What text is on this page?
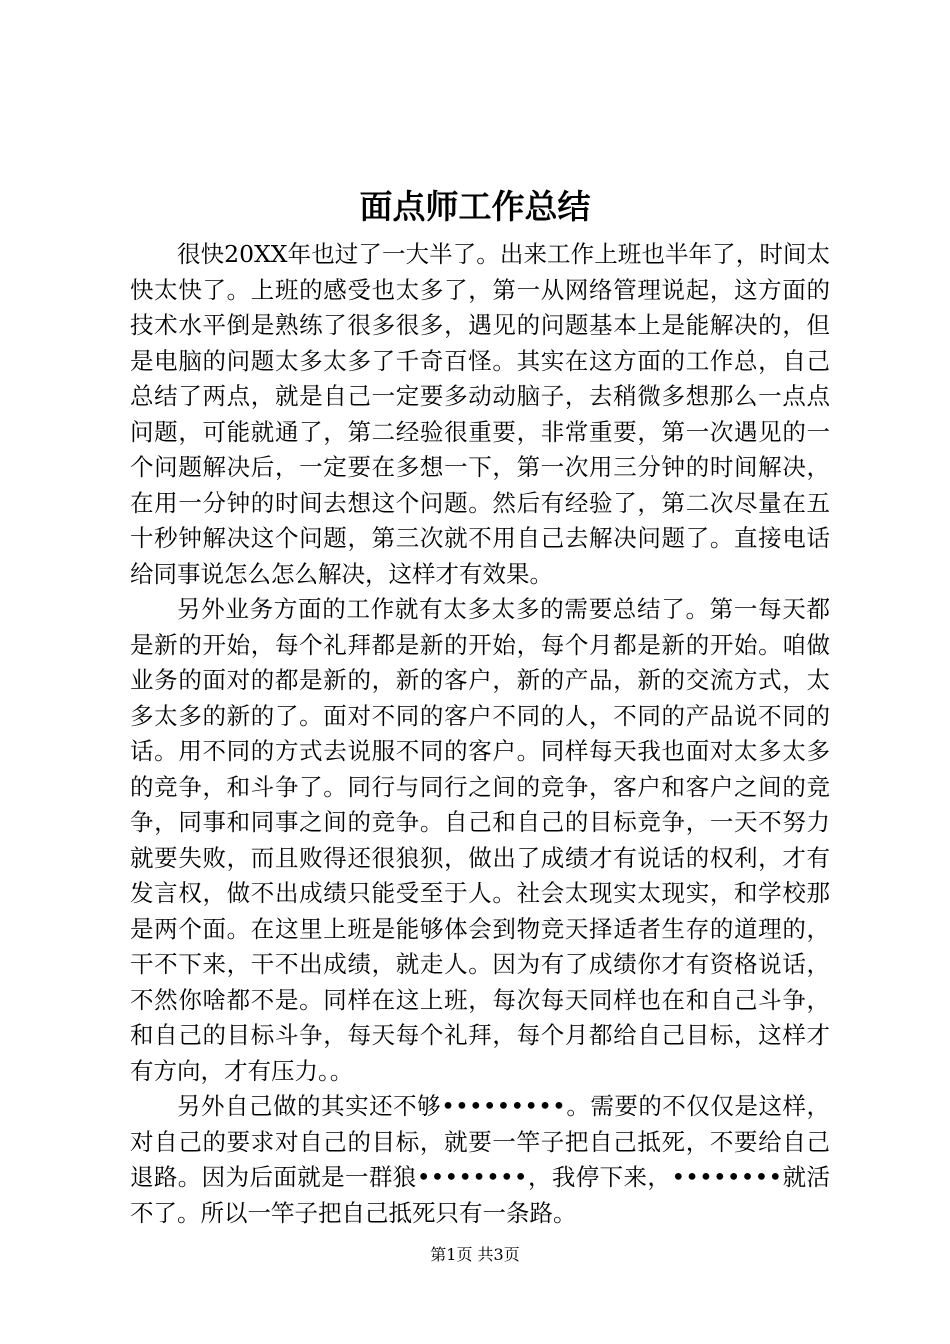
面点师工作总结

很快20XX年也过了一大半了。出来工作上班也半年了，时间太快太快了。上班的感受也太多了，第一从网络管理说起，这方面的技术水平倒是熟练了很多很多，遇见的问题基本上是能解决的，但是电脑的问题太多太多了千奇百怪。其实在这方面的工作总，自己总结了两点，就是自己一定要多动动脑子，去稍微多想那么一点点问题，可能就通了，第二经验很重要，非常重要，第一次遇见的一个问题解决后，一定要在多想一下，第一次用三分钟的时间解决，在用一分钟的时间去想这个问题。然后有经验了，第二次尽量在五十秒钟解决这个问题，第三次就不用自己去解决问题了。直接电话给同事说怎么怎么解决，这样才有效果。

另外业务方面的工作就有太多太多的需要总结了。第一每天都是新的开始，每个礼拜都是新的开始，每个月都是新的开始。咱做业务的面对的都是新的，新的客户，新的产品，新的交流方式，太多太多的新的了。面对不同的客户不同的人，不同的产品说不同的话。用不同的方式去说服不同的客户。同样每天我也面对太多太多的竞争，和斗争了。同行与同行之间的竞争，客户和客户之间的竞争，同事和同事之间的竞争。自己和自己的目标竞争，一天不努力就要失败，而且败得还很狼狈，做出了成绩才有说话的权利，才有发言权，做不出成绩只能受至于人。社会太现实太现实，和学校那是两个面。在这里上班是能够体会到物竞天择适者生存的道理的，干不下来，干不出成绩，就走人。因为有了成绩你才有资格说话，不然你啥都不是。同样在这上班，每次每天同样也在和自己斗争，和自己的目标斗争，每天每个礼拜，每个月都给自己目标，这样才有方向，才有压力。。

另外自己做的其实还不够•••••••••。需要的不仅仅是这样，对自己的要求对自己的目标，就要一竿子把自己抵死，不要给自己退路。因为后面就是一群狼••••••••，我停下来，••••••••就活不了。所以一竿子把自己抵死只有一条路。

第1页 共3页
